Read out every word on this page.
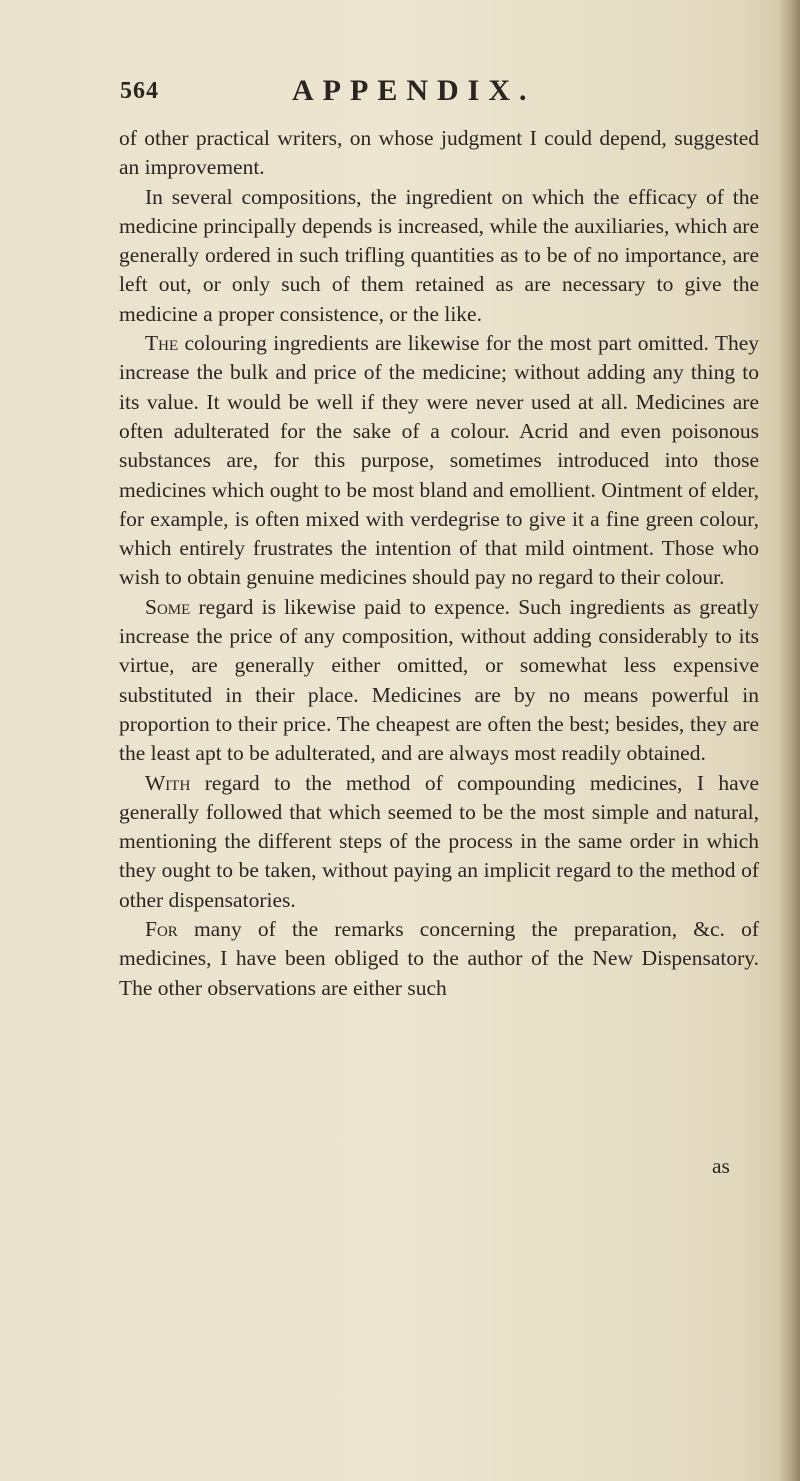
564	APPENDIX.

of other practical writers, on whose judgment I could depend, suggested an improvement.

In several compositions, the ingredient on which the efficacy of the medicine principally depends is increased, while the auxiliaries, which are generally ordered in such trifling quantities as to be of no importance, are left out, or only such of them retained as are necessary to give the medicine a proper consistence, or the like.

The colouring ingredients are likewise for the most part omitted. They increase the bulk and price of the medicine; without adding any thing to its value. It would be well if they were never used at all. Medicines are often adulterated for the sake of a colour. Acrid and even poisonous substances are, for this purpose, sometimes introduced into those medicines which ought to be most bland and emollient. Ointment of elder, for example, is often mixed with verdegrise to give it a fine green colour, which entirely frustrates the intention of that mild ointment. Those who wish to obtain genuine medicines should pay no regard to their colour.

Some regard is likewise paid to expence. Such ingredients as greatly increase the price of any composition, without adding considerably to its virtue, are generally either omitted, or somewhat less expensive substituted in their place. Medicines are by no means powerful in proportion to their price. The cheapest are often the best; besides, they are the least apt to be adulterated, and are always most readily obtained.

With regard to the method of compounding medicines, I have generally followed that which seemed to be the most simple and natural, mentioning the different steps of the process in the same order in which they ought to be taken, without paying an implicit regard to the method of other dispensatories.

For many of the remarks concerning the preparation, &c. of medicines, I have been obliged to the author of the New Dispensatory. The other observations are either such

as
